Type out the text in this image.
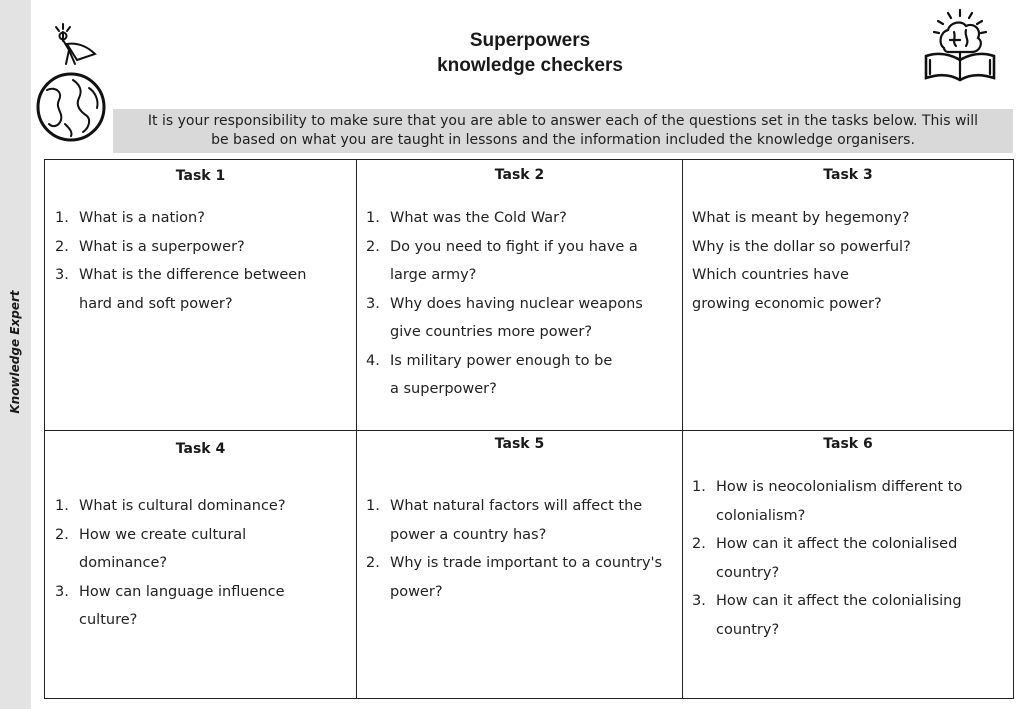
Knowledge Expert
Superpowers
knowledge checkers
It is your responsibility to make sure that you are able to answer each of the questions set in the tasks below. This will
be based on what you are taught in lessons and the information included the knowledge organisers.
Task 1
1. What is a nation?
2. What is a superpower?
3. What is the difference between
hard and soft power?
Task 2
1. What was the Cold War?
2. Do you need to fight if you have a
large army?
3. Why does having nuclear weapons
give countries more power?
4. Is military power enough to be
a superpower?
Task 3
What is meant by hegemony?
Why is the dollar so powerful?
Which countries have
growing economic power?
Task 4
1. What is cultural dominance?
2. How we create cultural
dominance?
3. How can language influence
culture?
Task 5
1. What natural factors will affect the
power a country has?
2. Why is trade important to a country's
power?
Task 6
1. How is neocolonialism different to
colonialism?
2. How can it affect the colonialised
country?
3. How can it affect the colonialising
country?
